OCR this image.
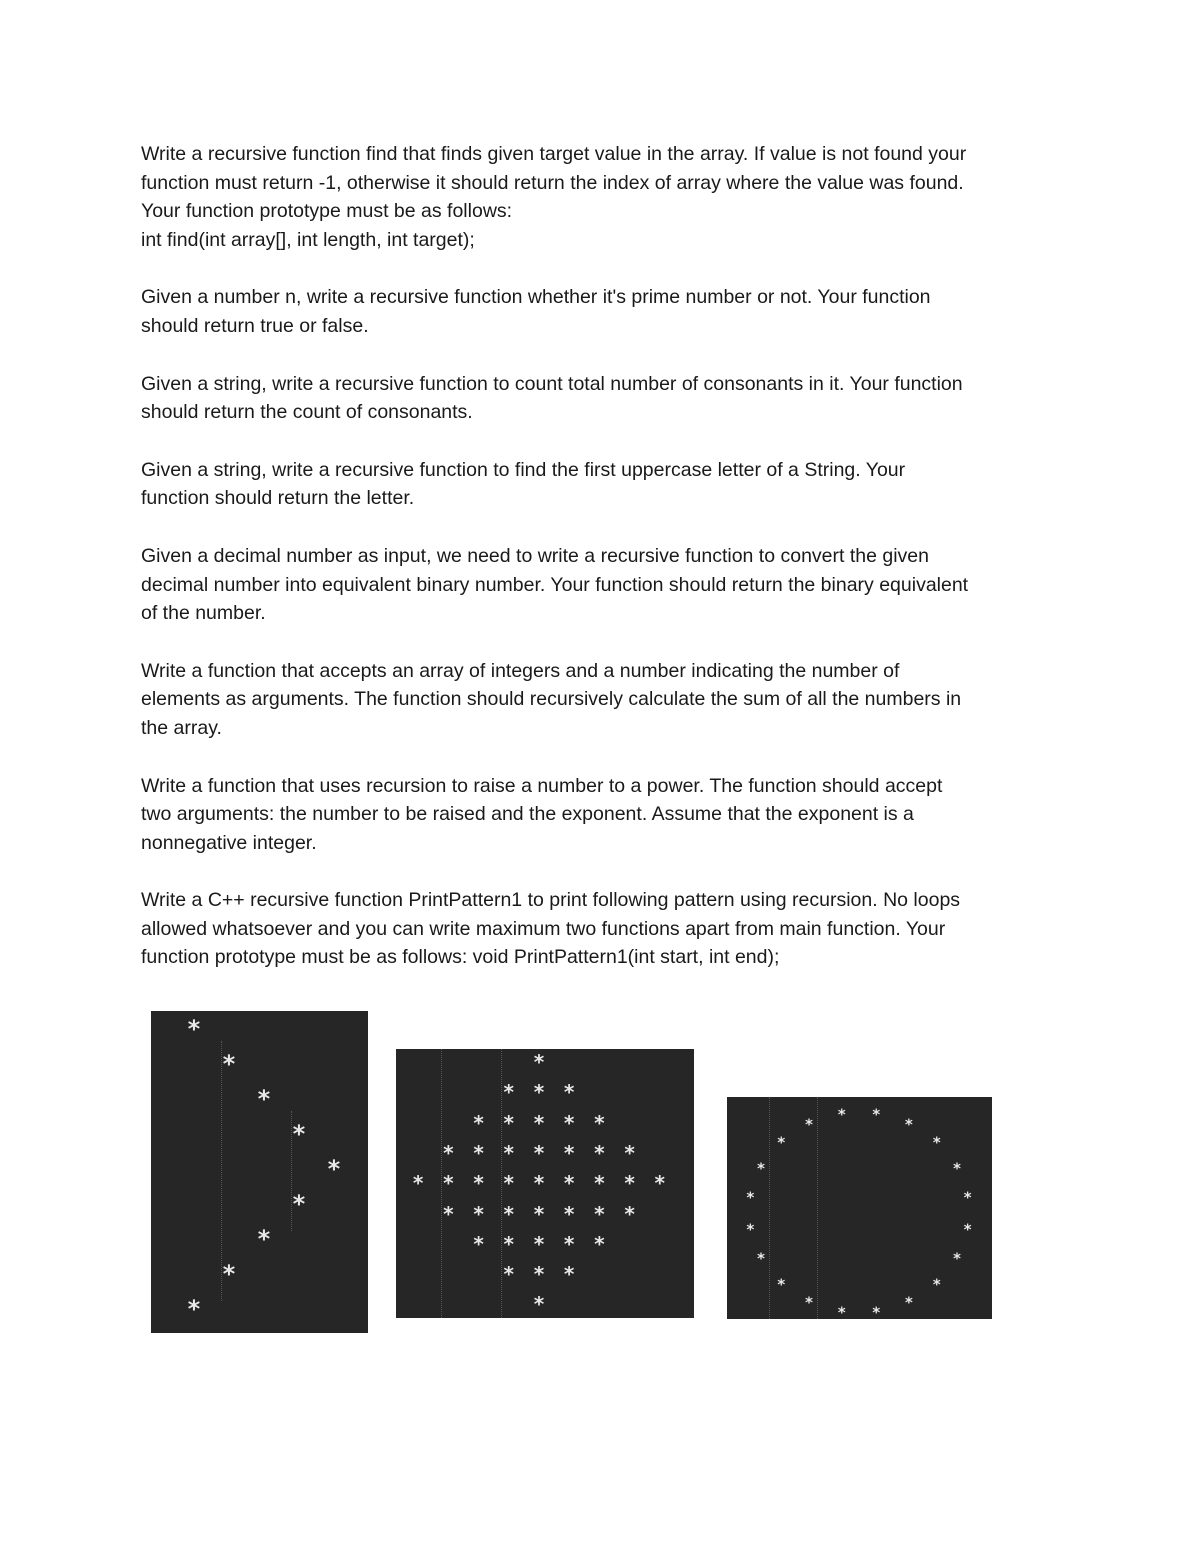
Write a recursive function find that finds given target value in the array. If value is not found your
function must return -1, otherwise it should return the index of array where the value was found.
Your function prototype must be as follows:
int find(int array[], int length, int target);

Given a number n, write a recursive function whether it's prime number or not. Your function
should return true or false.

Given a string, write a recursive function to count total number of consonants in it. Your function
should return the count of consonants.

Given a string, write a recursive function to find the first uppercase letter of a String. Your
function should return the letter.

Given a decimal number as input, we need to write a recursive function to convert the given
decimal number into equivalent binary number. Your function should return the binary equivalent
of the number.

Write a function that accepts an array of integers and a number indicating the number of
elements as arguments. The function should recursively calculate the sum of all the numbers in
the array.

Write a function that uses recursion to raise a number to a power. The function should accept
two arguments: the number to be raised and the exponent. Assume that the exponent is a
nonnegative integer.

Write a C++ recursive function PrintPattern1 to print following pattern using recursion. No loops
allowed whatsoever and you can write maximum two functions apart from main function. Your
function prototype must be as follows: void PrintPattern1(int start, int end);

*
*
*
*
*
*
*
*
*
*
* * *
* * * * *
* * * * * * *
* * * * * * * * *
* * * * * * *
* * * * *
* * *
*
*
*
*
*
*
*
*
*
*
*
*
*
*
*
* *
*
*
*
*
